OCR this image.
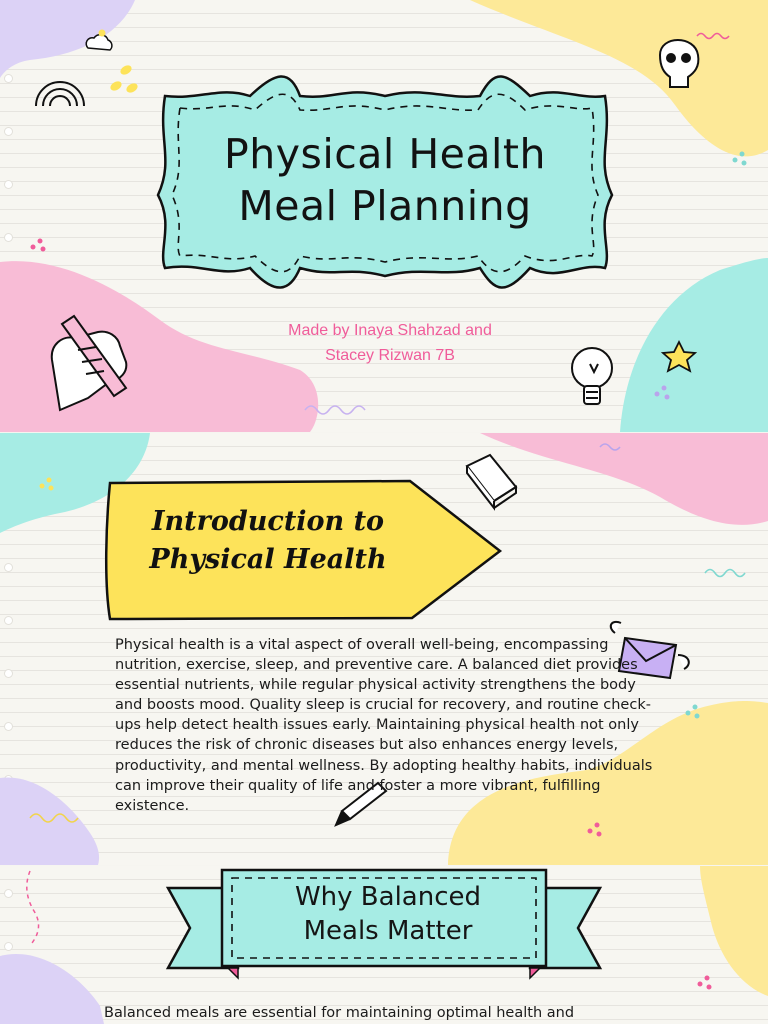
Physical Health
Meal Planning
Made by Inaya Shahzad and
Stacey Rizwan 7B
Introduction to
Physical Health
Physical health is a vital aspect of overall well-being, encompassing nutrition, exercise, sleep, and preventive care. A balanced diet provides essential nutrients, while regular physical activity strengthens the body and boosts mood. Quality sleep is crucial for recovery, and routine check-ups help detect health issues early. Maintaining physical health not only reduces the risk of chronic diseases but also enhances energy levels, productivity, and mental wellness. By adopting healthy habits, individuals can improve their quality of life and foster a more vibrant, fulfilling existence.
Why Balanced
Meals Matter
Balanced meals are essential for maintaining optimal health and
